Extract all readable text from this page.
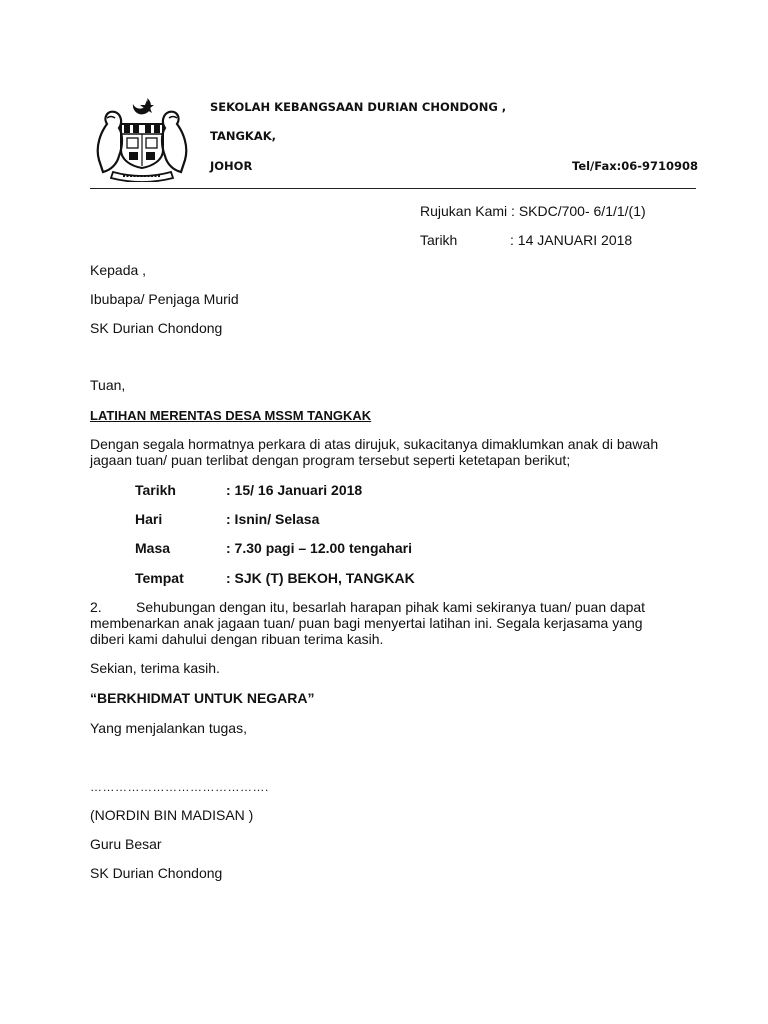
SEKOLAH KEBANGSAAN DURIAN CHONDONG ,
TANGKAK,
JOHOR	Tel/Fax:06-9710908
Rujukan Kami : SKDC/700- 6/1/1/(1)
Tarikh	: 14 JANUARI 2018
Kepada ,
Ibubapa/ Penjaga Murid
SK Durian Chondong
Tuan,
LATIHAN MERENTAS DESA MSSM TANGKAK
Dengan segala hormatnya perkara di atas dirujuk, sukacitanya dimaklumkan anak di bawah jagaan tuan/ puan terlibat dengan program tersebut seperti ketetapan berikut;
Tarikh	: 15/ 16 Januari 2018
Hari	: Isnin/ Selasa
Masa	: 7.30 pagi – 12.00 tengahari
Tempat	: SJK (T) BEKOH, TANGKAK
2.	Sehubungan dengan itu, besarlah harapan pihak kami sekiranya tuan/ puan dapat membenarkan anak jagaan tuan/ puan bagi menyertai latihan ini. Segala kerjasama yang diberi kami dahului dengan ribuan terima kasih.
Sekian, terima kasih.
“BERKHIDMAT UNTUK NEGARA”
Yang menjalankan tugas,
…………………………………….
(NORDIN BIN MADISAN )
Guru Besar
SK Durian Chondong
